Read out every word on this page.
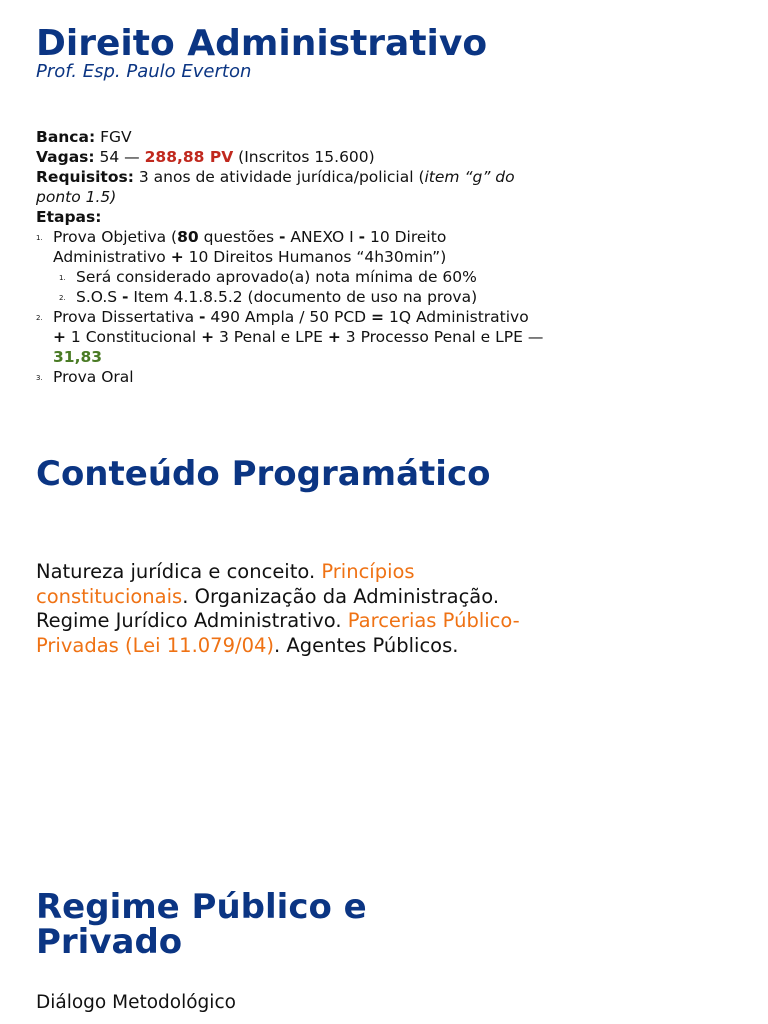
Direito Administrativo
Prof. Esp. Paulo Everton

Banca: FGV

Vagas: 54 — 288,88 PV (Inscritos 15.600)

Requisitos: 3 anos de atividade jurídica/policial (item “g” do ponto 1.5)

Etapas:

1. Prova Objetiva (80 questões - ANEXO I - 10 Direito Administrativo + 10 Direitos Humanos “4h30min”)
1. Será considerado aprovado(a) nota mínima de 60%
2. S.O.S - Item 4.1.8.5.2 (documento de uso na prova)
2. Prova Dissertativa - 490 Ampla / 50 PCD = 1Q Administrativo + 1 Constitucional + 3 Penal e LPE + 3 Processo Penal e LPE — 31,83
3. Prova Oral
Conteúdo Programático

Natureza jurídica e conceito. Princípios constitucionais. Organização da Administração. Regime Jurídico Administrativo. Parcerias Público-Privadas (Lei 11.079/04). Agentes Públicos.

Regime Público e Privado

Diálogo Metodológico
